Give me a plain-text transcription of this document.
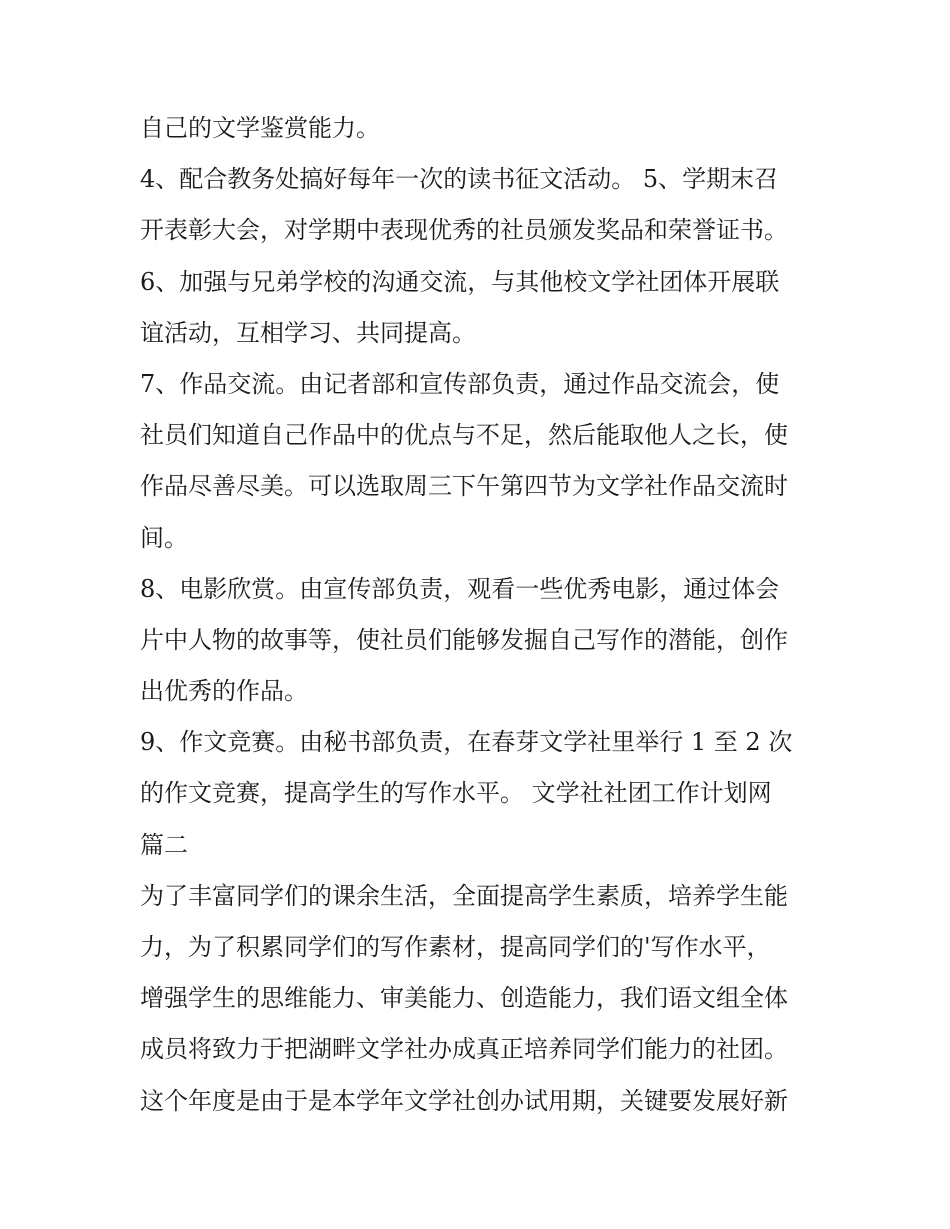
自己的文学鉴赏能力。
4、配合教务处搞好每年一次的读书征文活动。 5、学期末召
开表彰大会，对学期中表现优秀的社员颁发奖品和荣誉证书。
6、加强与兄弟学校的沟通交流，与其他校文学社团体开展联
谊活动，互相学习、共同提高。
7、作品交流。由记者部和宣传部负责，通过作品交流会，使
社员们知道自己作品中的优点与不足，然后能取他人之长，使
作品尽善尽美。可以选取周三下午第四节为文学社作品交流时
间。
8、电影欣赏。由宣传部负责，观看一些优秀电影，通过体会
片中人物的故事等，使社员们能够发掘自己写作的潜能，创作
出优秀的作品。
9、作文竞赛。由秘书部负责，在春芽文学社里举行 1 至 2 次
的作文竞赛，提高学生的写作水平。 文学社社团工作计划网
篇二
为了丰富同学们的课余生活，全面提高学生素质，培养学生能
力，为了积累同学们的写作素材，提高同学们的'写作水平，
增强学生的思维能力、审美能力、创造能力，我们语文组全体
成员将致力于把湖畔文学社办成真正培养同学们能力的社团。
这个年度是由于是本学年文学社创办试用期，关键要发展好新
